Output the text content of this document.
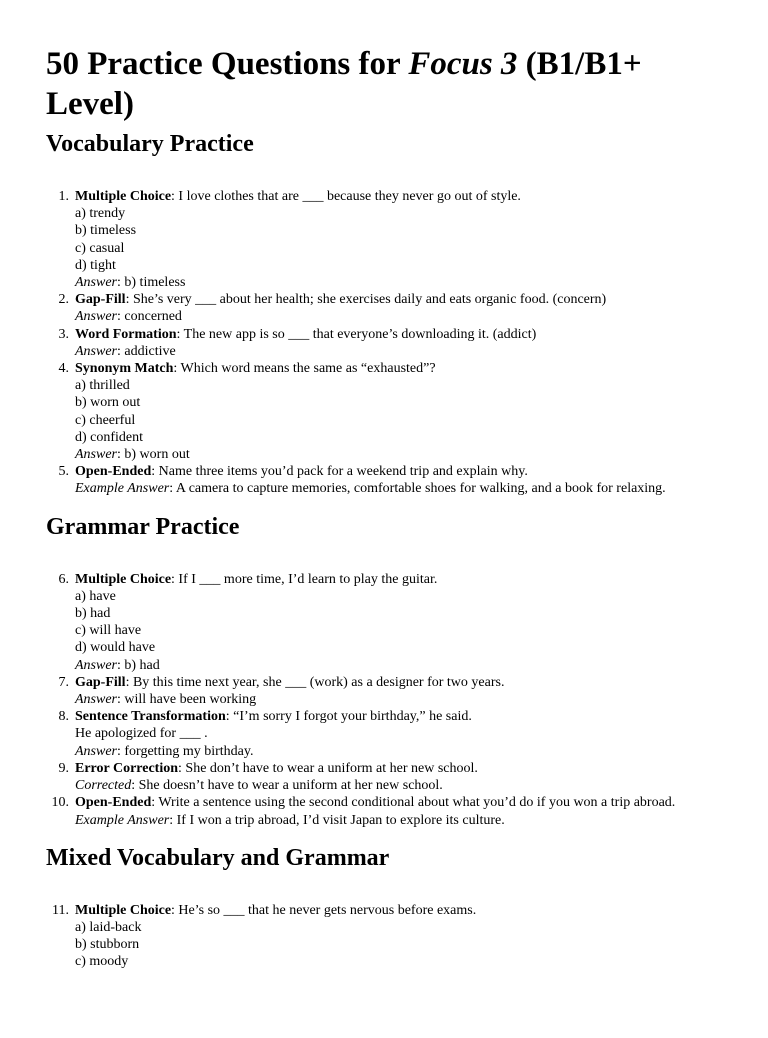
50 Practice Questions for Focus 3 (B1/B1+ Level)
Vocabulary Practice
1. Multiple Choice: I love clothes that are ___ because they never go out of style.
a) trendy
b) timeless
c) casual
d) tight
Answer: b) timeless
2. Gap-Fill: She’s very ___ about her health; she exercises daily and eats organic food. (concern)
Answer: concerned
3. Word Formation: The new app is so ___ that everyone’s downloading it. (addict)
Answer: addictive
4. Synonym Match: Which word means the same as “exhausted”?
a) thrilled
b) worn out
c) cheerful
d) confident
Answer: b) worn out
5. Open-Ended: Name three items you’d pack for a weekend trip and explain why.
Example Answer: A camera to capture memories, comfortable shoes for walking, and a book for relaxing.
Grammar Practice
6. Multiple Choice: If I ___ more time, I’d learn to play the guitar.
a) have
b) had
c) will have
d) would have
Answer: b) had
7. Gap-Fill: By this time next year, she ___ (work) as a designer for two years.
Answer: will have been working
8. Sentence Transformation: “I’m sorry I forgot your birthday,” he said.
He apologized for ___ .
Answer: forgetting my birthday.
9. Error Correction: She don’t have to wear a uniform at her new school.
Corrected: She doesn’t have to wear a uniform at her new school.
10. Open-Ended: Write a sentence using the second conditional about what you’d do if you won a trip abroad.
Example Answer: If I won a trip abroad, I’d visit Japan to explore its culture.
Mixed Vocabulary and Grammar
11. Multiple Choice: He’s so ___ that he never gets nervous before exams.
a) laid-back
b) stubborn
c) moody
